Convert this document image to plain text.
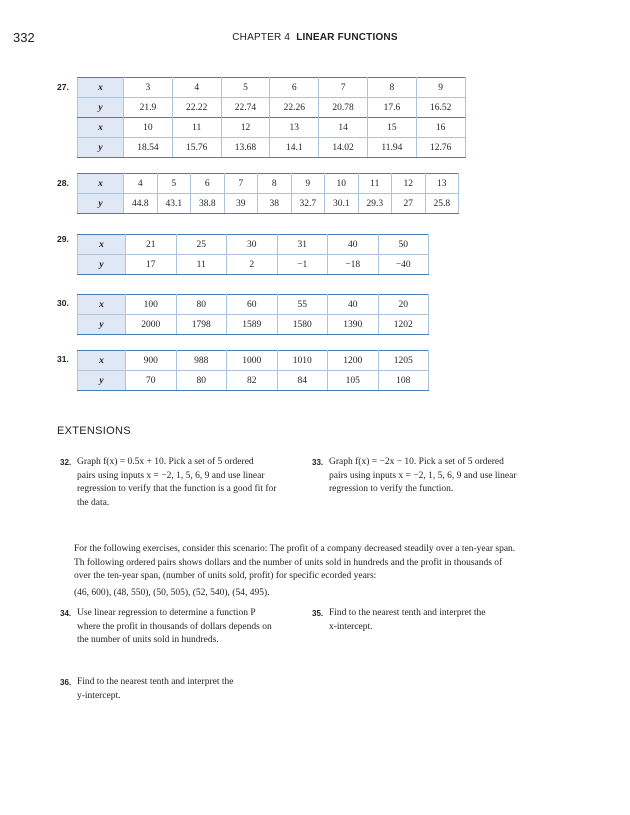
332	CHAPTER 4 LINEAR FUNCTIONS
27.	x	3	4	5	6	7	8	9
y	21.9	22.22	22.74	22.26	20.78	17.6	16.52
x	10	11	12	13	14	15	16
y	18.54	15.76	13.68	14.1	14.02	11.94	12.76
28.	x	4	5	6	7	8	9	10	11	12	13
y	44.8	43.1	38.8	39	38	32.7	30.1	29.3	27	25.8
29.
x	21	25	30	31	40	50
y	17	11	2	−1	−18	−40
30.	x	100	80	60	55	40	20
y	2000	1798	1589	1580	1390	1202
31.	x	900	988	1000	1010	1200	1205
y	70	80	82	84	105	108
EXTENSIONS
32. Graph f(x) = 0.5x + 10. Pick a set of 5 ordered
pairs using inputs x = −2, 1, 5, 6, 9 and use linear
regression to verify that the function is a good fit for
the data.
33. Graph f(x) = −2x − 10. Pick a set of 5 ordered
pairs using inputs x = −2, 1, 5, 6, 9 and use linear
regression to verify the function.
For the following exercises, consider this scenario: The profit of a company decreased steadily over a ten-year span.
Th following ordered pairs shows dollars and the number of units sold in hundreds and the profit in thousands of
over the ten-year span, (number of units sold, profit) for specific ecorded years:
(46, 600), (48, 550), (50, 505), (52, 540), (54, 495).
34. Use linear regression to determine a function P
where the profit in thousands of dollars depends on
the number of units sold in hundreds.
35. Find to the nearest tenth and interpret the
x-intercept.
36. Find to the nearest tenth and interpret the
y-intercept.
